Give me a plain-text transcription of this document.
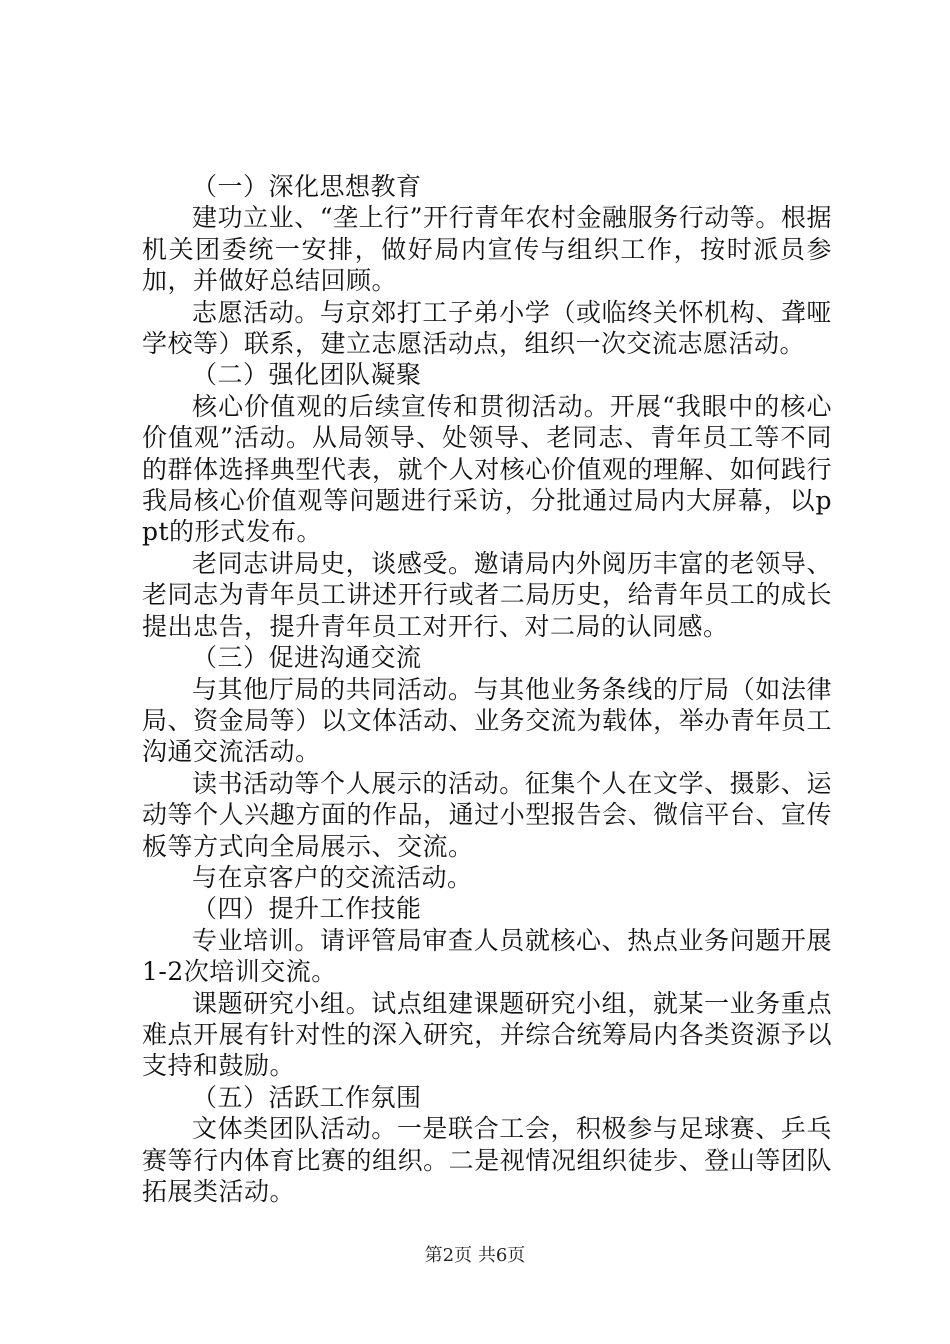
（一）深化思想教育

建功立业、“垄上行”开行青年农村金融服务行动等。根据机关团委统一安排，做好局内宣传与组织工作，按时派员参加，并做好总结回顾。

志愿活动。与京郊打工子弟小学（或临终关怀机构、聋哑学校等）联系，建立志愿活动点，组织一次交流志愿活动。

（二）强化团队凝聚

核心价值观的后续宣传和贯彻活动。开展“我眼中的核心价值观”活动。从局领导、处领导、老同志、青年员工等不同的群体选择典型代表，就个人对核心价值观的理解、如何践行我局核心价值观等问题进行采访，分批通过局内大屏幕，以ppt的形式发布。

老同志讲局史，谈感受。邀请局内外阅历丰富的老领导、老同志为青年员工讲述开行或者二局历史，给青年员工的成长提出忠告，提升青年员工对开行、对二局的认同感。

（三）促进沟通交流

与其他厅局的共同活动。与其他业务条线的厅局（如法律局、资金局等）以文体活动、业务交流为载体，举办青年员工沟通交流活动。

读书活动等个人展示的活动。征集个人在文学、摄影、运动等个人兴趣方面的作品，通过小型报告会、微信平台、宣传板等方式向全局展示、交流。

与在京客户的交流活动。

（四）提升工作技能

专业培训。请评管局审查人员就核心、热点业务问题开展1-2次培训交流。

课题研究小组。试点组建课题研究小组，就某一业务重点难点开展有针对性的深入研究，并综合统筹局内各类资源予以支持和鼓励。

（五）活跃工作氛围

文体类团队活动。一是联合工会，积极参与足球赛、乒乓赛等行内体育比赛的组织。二是视情况组织徒步、登山等团队拓展类活动。

第2页 共6页
